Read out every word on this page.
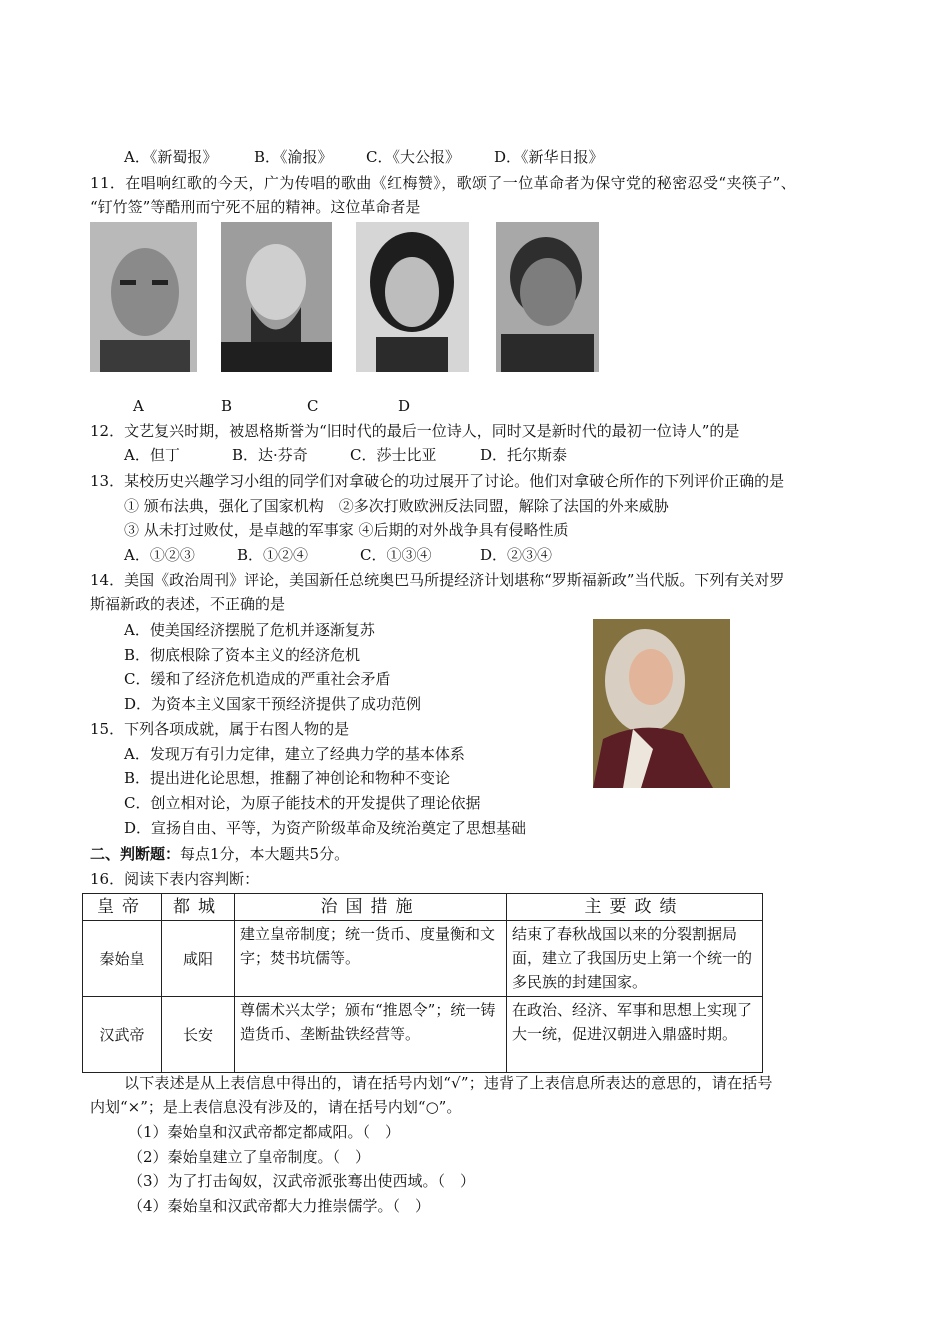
A．《新蜀报》 B．《渝报》 C．《大公报》 D．《新华日报》
11．在唱响红歌的今天，广为传唱的歌曲《红梅赞》，歌颂了一位革命者为保守党的秘密忍受“夹筷子”、
“钉竹签”等酷刑而宁死不屈的精神。这位革命者是
A	B	C	D
12．文艺复兴时期，被恩格斯誉为“旧时代的最后一位诗人，同时又是新时代的最初一位诗人”的是
A．但丁	B．达·芬奇	C．莎士比亚	D．托尔斯泰
13．某校历史兴趣学习小组的同学们对拿破仑的功过展开了讨论。他们对拿破仑所作的下列评价正确的是
① 颁布法典，强化了国家机构　②多次打败欧洲反法同盟，解除了法国的外来威胁
③ 从未打过败仗，是卓越的军事家 ④后期的对外战争具有侵略性质
A．①②③	B．①②④	C．①③④	D．②③④
14．美国《政治周刊》评论，美国新任总统奥巴马所提经济计划堪称“罗斯福新政”当代版。下列有关对罗
斯福新政的表述，不正确的是
A．使美国经济摆脱了危机并逐渐复苏
B．彻底根除了资本主义的经济危机
C．缓和了经济危机造成的严重社会矛盾
D．为资本主义国家干预经济提供了成功范例
15．下列各项成就，属于右图人物的是
A．发现万有引力定律，建立了经典力学的基本体系
B．提出进化论思想，推翻了神创论和物种不变论
C．创立相对论，为原子能技术的开发提供了理论依据
D．宣扬自由、平等，为资产阶级革命及统治奠定了思想基础
二、判断题：每点1分，本大题共5分。
16．阅读下表内容判断：
皇帝	都城	治国措施	主要政绩
秦始皇	咸阳	建立皇帝制度；统一货币、度量衡和文字；焚书坑儒等。	结束了春秋战国以来的分裂割据局面，建立了我国历史上第一个统一的多民族的封建国家。
汉武帝	长安	尊儒术兴太学；颁布“推恩令”；统一铸造货币、垄断盐铁经营等。	在政治、经济、军事和思想上实现了大一统，促进汉朝进入鼎盛时期。
以下表述是从上表信息中得出的，请在括号内划“√”；违背了上表信息所表达的意思的，请在括号
内划“×”；是上表信息没有涉及的，请在括号内划“○”。
（1）秦始皇和汉武帝都定都咸阳。（　）
（2）秦始皇建立了皇帝制度。（　）
（3）为了打击匈奴，汉武帝派张骞出使西域。（　）
（4）秦始皇和汉武帝都大力推崇儒学。（　）
